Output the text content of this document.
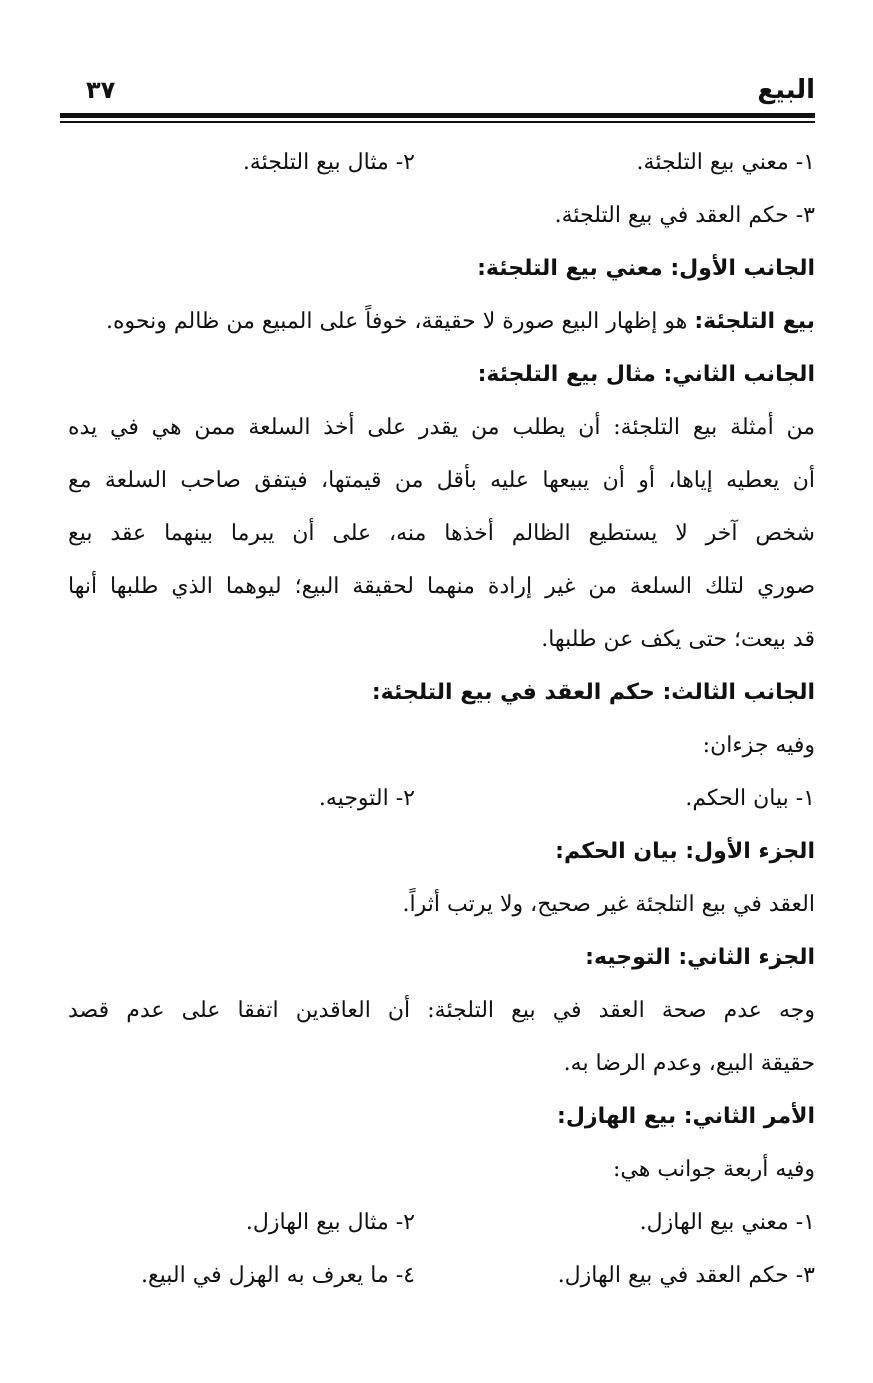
البيع
٣٧
١- معني بيع التلجئة.
٢- مثال بيع التلجئة.
٣- حكم العقد في بيع التلجئة.
الجانب الأول: معني بيع التلجئة:
بيع التلجئة: هو إظهار البيع صورة لا حقيقة، خوفاً على المبيع من ظالم ونحوه.
الجانب الثاني: مثال بيع التلجئة:
من أمثلة بيع التلجئة: أن يطلب من يقدر على أخذ السلعة ممن هي في يده
أن يعطيه إياها، أو أن يبيعها عليه بأقل من قيمتها، فيتفق صاحب السلعة مع
شخص آخر لا يستطيع الظالم أخذها منه، على أن يبرما بينهما عقد بيع
صوري لتلك السلعة من غير إرادة منهما لحقيقة البيع؛ ليوهما الذي طلبها أنها
قد بيعت؛ حتى يكف عن طلبها.
الجانب الثالث: حكم العقد في بيع التلجئة:
وفيه جزءان:
١- بيان الحكم.
٢- التوجيه.
الجزء الأول: بيان الحكم:
العقد في بيع التلجئة غير صحيح، ولا يرتب أثراً.
الجزء الثاني: التوجيه:
وجه عدم صحة العقد في بيع التلجئة: أن العاقدين اتفقا على عدم قصد
حقيقة البيع، وعدم الرضا به.
الأمر الثاني: بيع الهازل:
وفيه أربعة جوانب هي:
١- معني بيع الهازل.
٢- مثال بيع الهازل.
٣- حكم العقد في بيع الهازل.
٤- ما يعرف به الهزل في البيع.
